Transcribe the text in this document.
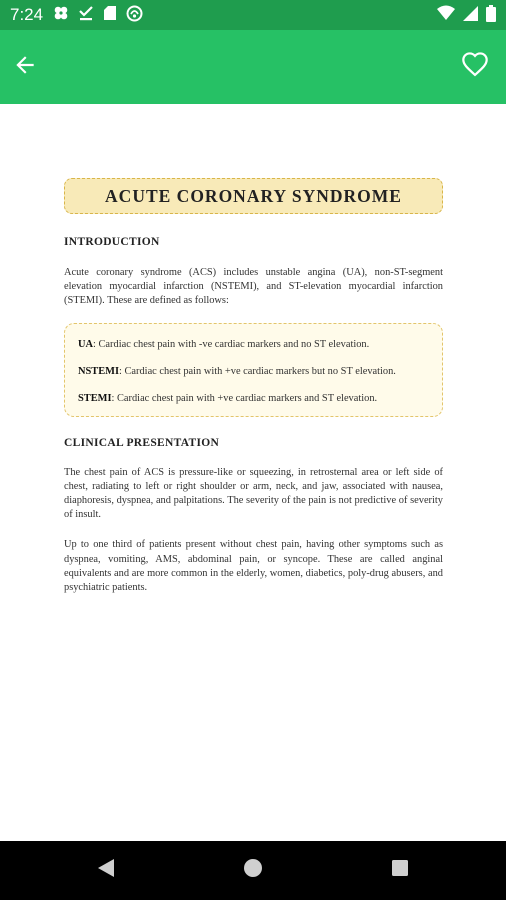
7:24
ACUTE CORONARY SYNDROME
INTRODUCTION
Acute coronary syndrome (ACS) includes unstable angina (UA), non-ST-segment elevation myocardial infarction (NSTEMI), and ST-elevation myocardial infarction (STEMI). These are defined as follows:

UA: Cardiac chest pain with -ve cardiac markers and no ST elevation.

NSTEMI: Cardiac chest pain with +ve cardiac markers but no ST elevation.

STEMI: Cardiac chest pain with +ve cardiac markers and ST elevation.

CLINICAL PRESENTATION
The chest pain of ACS is pressure-like or squeezing, in retrosternal area or left side of chest, radiating to left or right shoulder or arm, neck, and jaw, associated with nausea, diaphoresis, dyspnea, and palpitations. The severity of the pain is not predictive of severity of insult.
Up to one third of patients present without chest pain, having other symptoms such as dyspnea, vomiting, AMS, abdominal pain, or syncope. These are called anginal equivalents and are more common in the elderly, women, diabetics, poly-drug abusers, and psychiatric patients.
